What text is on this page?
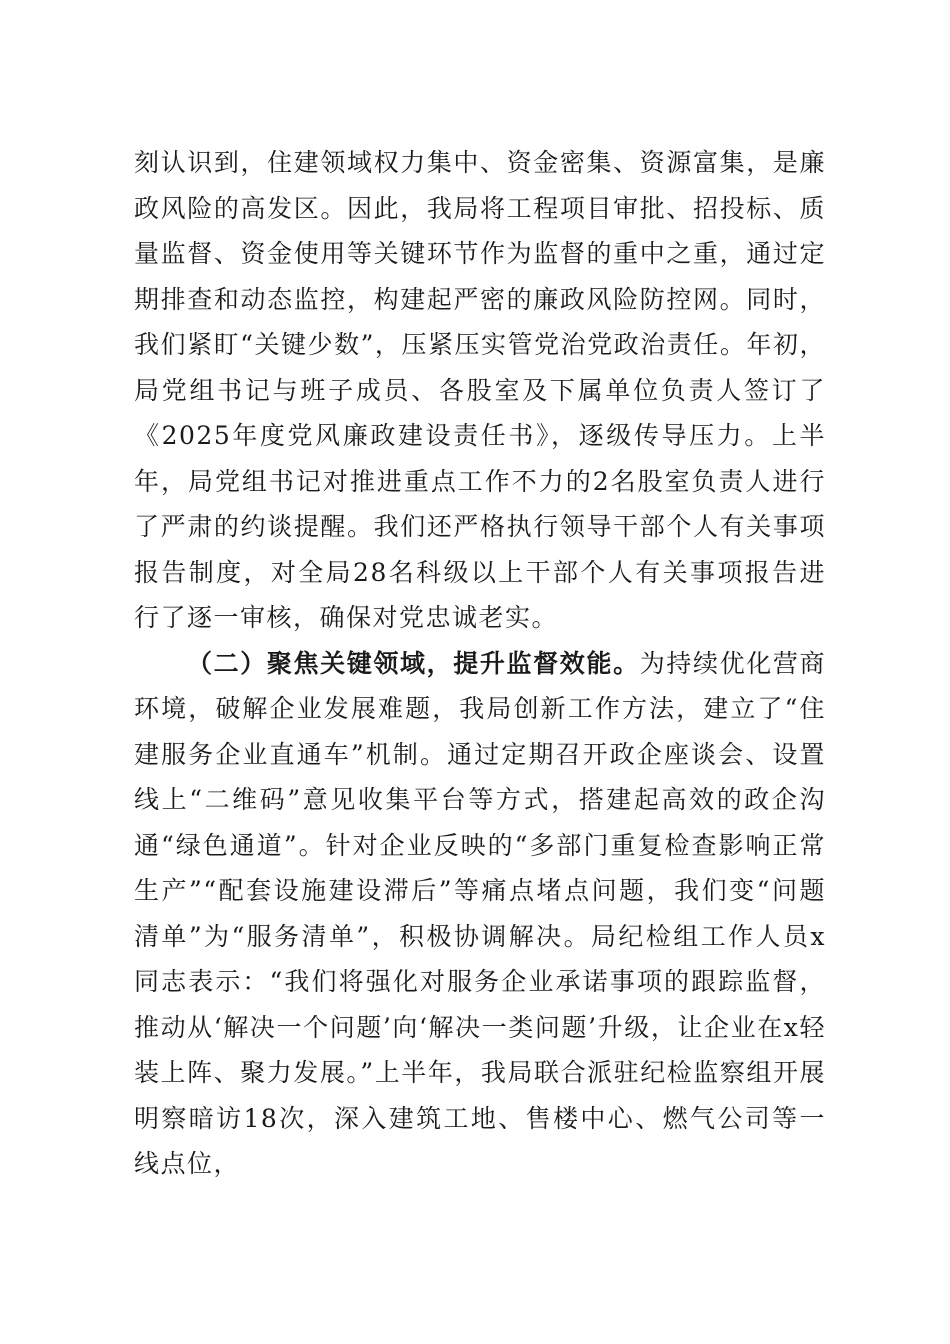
刻认识到，住建领域权力集中、资金密集、资源富集，是廉政风险的高发区。因此，我局将工程项目审批、招投标、质量监督、资金使用等关键环节作为监督的重中之重，通过定期排查和动态监控，构建起严密的廉政风险防控网。同时，我们紧盯“关键少数”，压紧压实管党治党政治责任。年初，局党组书记与班子成员、各股室及下属单位负责人签订了《2025年度党风廉政建设责任书》，逐级传导压力。上半年，局党组书记对推进重点工作不力的2名股室负责人进行了严肃的约谈提醒。我们还严格执行领导干部个人有关事项报告制度，对全局28名科级以上干部个人有关事项报告进行了逐一审核，确保对党忠诚老实。

（二）聚焦关键领域，提升监督效能。为持续优化营商环境，破解企业发展难题，我局创新工作方法，建立了“住建服务企业直通车”机制。通过定期召开政企座谈会、设置线上“二维码”意见收集平台等方式，搭建起高效的政企沟通“绿色通道”。针对企业反映的“多部门重复检查影响正常生产”“配套设施建设滞后”等痛点堵点问题，我们变“问题清单”为“服务清单”，积极协调解决。局纪检组工作人员x同志表示：“我们将强化对服务企业承诺事项的跟踪监督，推动从‘解决一个问题’向‘解决一类问题’升级，让企业在x轻装上阵、聚力发展。”上半年，我局联合派驻纪检监察组开展明察暗访18次，深入建筑工地、售楼中心、燃气公司等一线点位，
